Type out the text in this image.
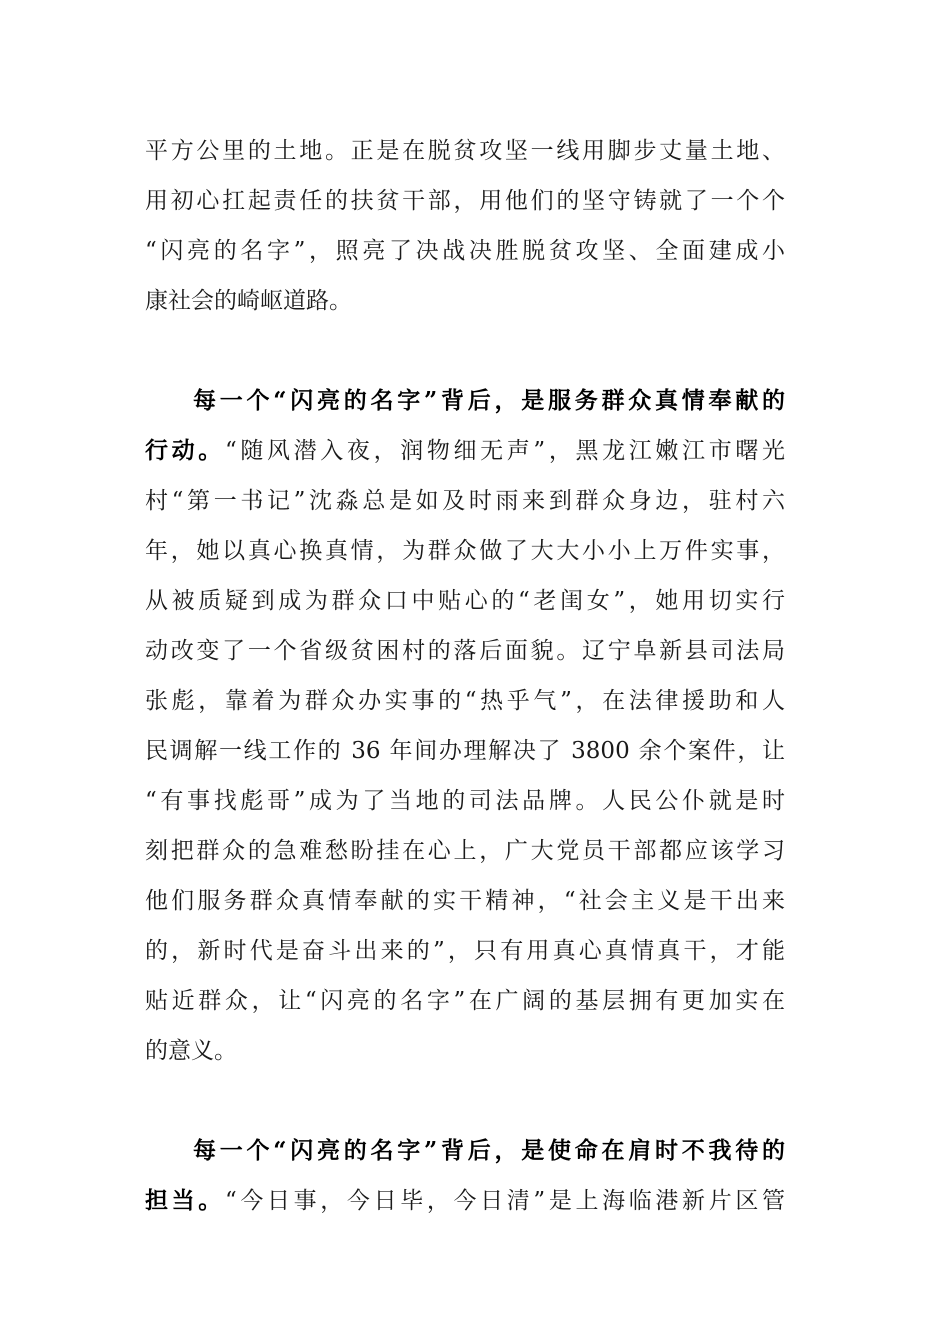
平方公里的土地。正是在脱贫攻坚一线用脚步丈量土地、
用初心扛起责任的扶贫干部，用他们的坚守铸就了一个个
“闪亮的名字”，照亮了决战决胜脱贫攻坚、全面建成小
康社会的崎岖道路。
每一个“闪亮的名字”背后，是服务群众真情奉献的
行动。“随风潜入夜，润物细无声”，黑龙江嫩江市曙光
村“第一书记”沈淼总是如及时雨来到群众身边，驻村六
年，她以真心换真情，为群众做了大大小小上万件实事，
从被质疑到成为群众口中贴心的“老闺女”，她用切实行
动改变了一个省级贫困村的落后面貌。辽宁阜新县司法局
张彪，靠着为群众办实事的“热乎气”，在法律援助和人
民调解一线工作的 36 年间办理解决了 3800 余个案件，让
“有事找彪哥”成为了当地的司法品牌。人民公仆就是时
刻把群众的急难愁盼挂在心上，广大党员干部都应该学习
他们服务群众真情奉献的实干精神，“社会主义是干出来
的，新时代是奋斗出来的”，只有用真心真情真干，才能
贴近群众，让“闪亮的名字”在广阔的基层拥有更加实在
的意义。
每一个“闪亮的名字”背后，是使命在肩时不我待的
担当。“今日事，今日毕，今日清”是上海临港新片区管
